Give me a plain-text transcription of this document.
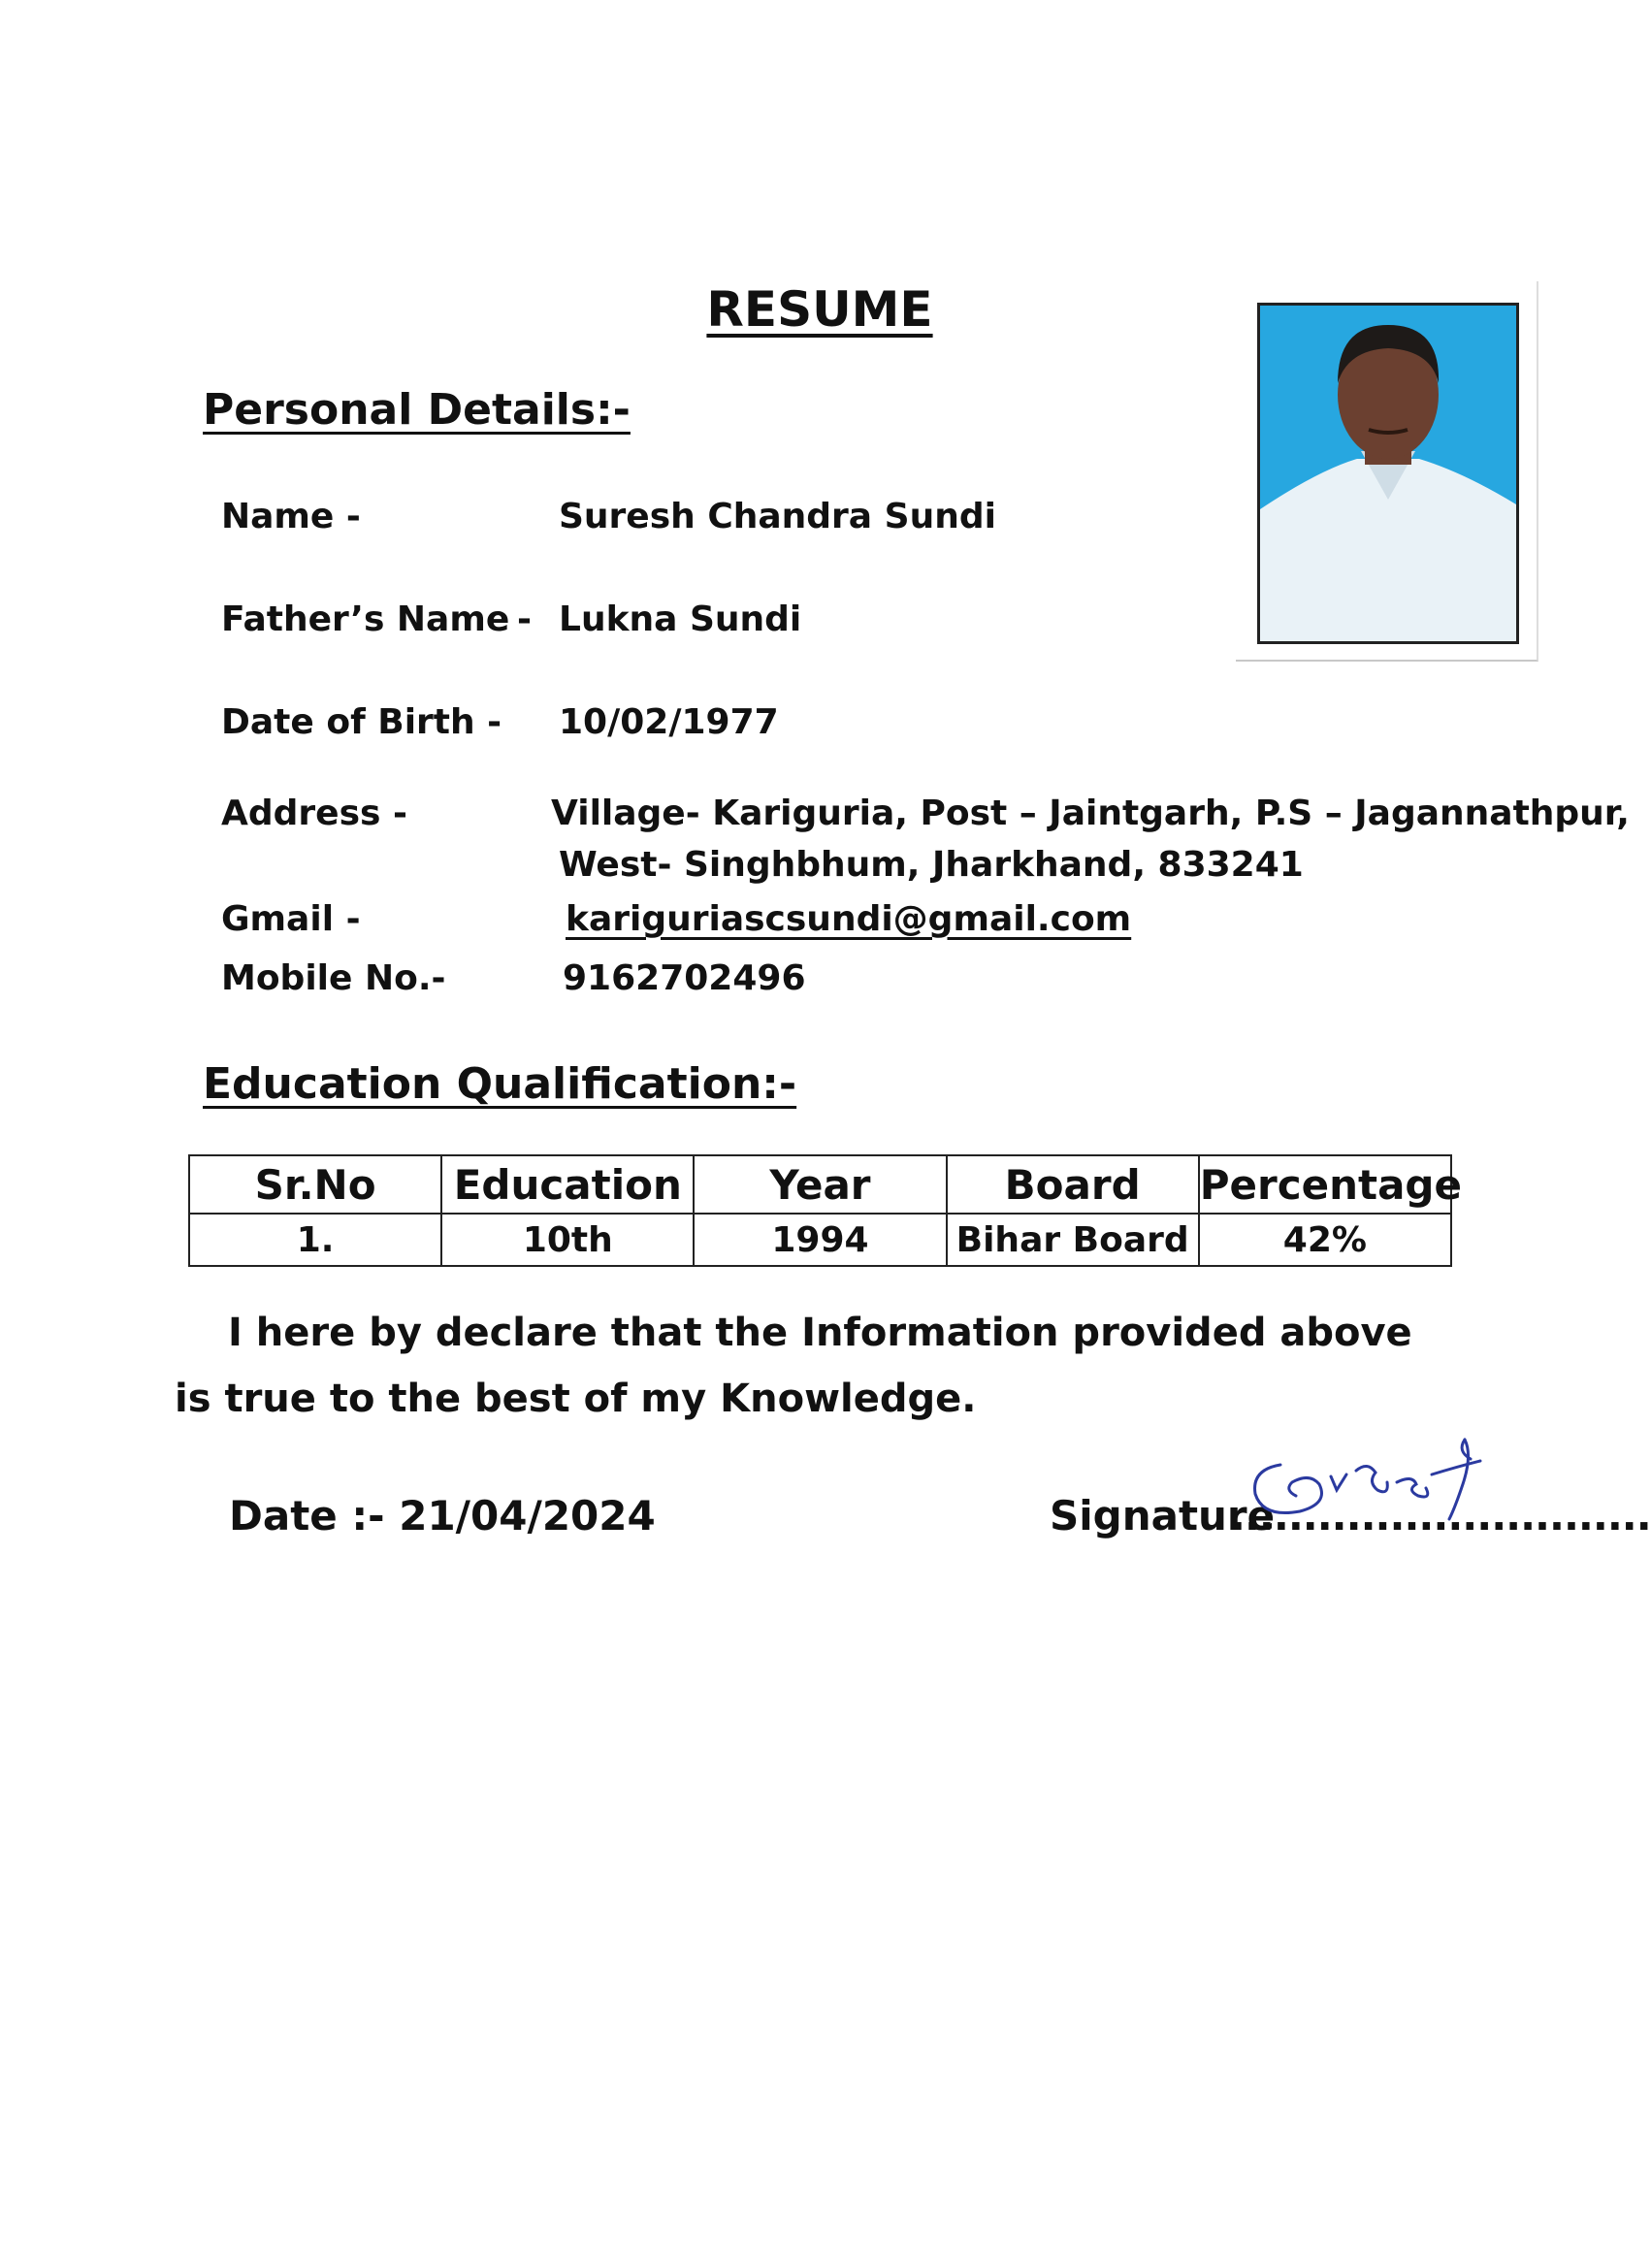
RESUME
Personal Details:-
Name -	Suresh Chandra Sundi
Father’s Name - Lukna Sundi
Date of Birth - 10/02/1977
Address -	Village- Kariguria, Post – Jaintgarh, P.S – Jagannathpur,
West- Singhbhum, Jharkhand, 833241
Gmail -	kariguriascsundi@gmail.com
Mobile No.-	9162702496
Education Qualification:-
Sr.No	Education	Year	Board	Percentage
1.	10th	1994	Bihar Board	42%
I here by declare that the Information provided above is true to the best of my Knowledge.
Date :- 21/04/2024	Signature
.............................
